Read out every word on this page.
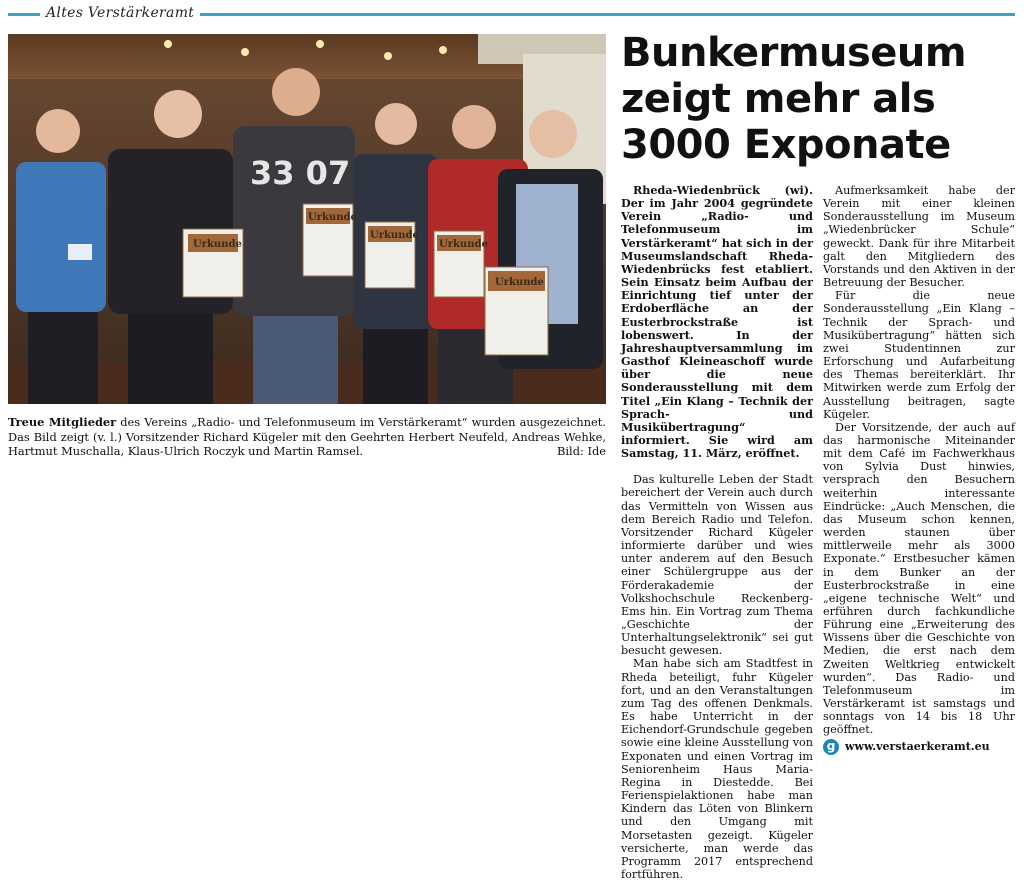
Altes Verstärkeramt
33 07
Urkunde
Urkunde
Urkunde
Urkunde
Urkunde
Treue Mitglieder des Vereins „Radio- und Telefonmuseum im Verstärkeramt“ wurden ausgezeichnet. Das Bild zeigt (v. l.) Vorsitzender Richard Kügeler mit den Geehrten Herbert Neufeld, Andreas Wehke, Hartmut Muschalla, Klaus-Ulrich Roczyk und Martin Ramsel.	Bild: Ide
Bunkermuseum zeigt mehr als 3000 Exponate

Rheda-Wiedenbrück (wi). Der im Jahr 2004 gegründete Verein „Radio- und Telefonmuseum im Verstärkeramt“ hat sich in der Museumslandschaft Rheda-Wiedenbrücks fest etabliert. Sein Einsatz beim Aufbau der Einrichtung tief unter der Erdoberfläche an der Eusterbrockstraße ist lobenswert. In der Jahreshauptversammlung im Gasthof Kleineaschoff wurde über die neue Sonderausstellung mit dem Titel „Ein Klang – Technik der Sprach- und Musikübertragung“ informiert. Sie wird am Samstag, 11. März, eröffnet.

Das kulturelle Leben der Stadt bereichert der Verein auch durch das Vermitteln von Wissen aus dem Bereich Radio und Telefon. Vorsitzender Richard Kügeler informierte darüber und wies unter anderem auf den Besuch einer Schülergruppe aus der Förderakademie der Volkshochschule Reckenberg-Ems hin. Ein Vortrag zum Thema „Geschichte der Unterhaltungselektronik“ sei gut besucht gewesen.

Man habe sich am Stadtfest in Rheda beteiligt, fuhr Kügeler fort, und an den Veranstaltungen zum Tag des offenen Denkmals. Es habe Unterricht in der Eichendorf-Grundschule gegeben sowie eine kleine Ausstellung von Exponaten und einen Vortrag im Seniorenheim Haus Maria-Regina in Diestedde. Bei Ferienspielaktionen habe man Kindern das Löten von Blinkern und den Umgang mit Morsetasten gezeigt. Kügeler versicherte, man werde das Programm 2017 entsprechend fortführen.

Aufmerksamkeit habe der Verein mit einer kleinen Sonderausstellung im Museum „Wiedenbrücker Schule“ geweckt. Dank für ihre Mitarbeit galt den Mitgliedern des Vorstands und den Aktiven in der Betreuung der Besucher.

Für die neue Sonderausstellung „Ein Klang – Technik der Sprach- und Musikübertragung“ hätten sich zwei Studentinnen zur Erforschung und Aufarbeitung des Themas bereiterklärt. Ihr Mitwirken werde zum Erfolg der Ausstellung beitragen, sagte Kügeler.

Der Vorsitzende, der auch auf das harmonische Miteinander mit dem Café im Fachwerkhaus von Sylvia Dust hinwies, versprach den Besuchern weiterhin interessante Eindrücke: „Auch Menschen, die das Museum schon kennen, werden staunen über mittlerweile mehr als 3000 Exponate.“ Erstbesucher kämen in dem Bunker an der Eusterbrockstraße in eine „eigene technische Welt“ und erführen durch fachkundliche Führung eine „Erweiterung des Wissens über die Geschichte von Medien, die erst nach dem Zweiten Weltkrieg entwickelt wurden“. Das Radio- und Telefonmuseum im Verstärkeramt ist samstags und sonntags von 14 bis 18 Uhr geöffnet.

g www.verstaerkeramt.eu
